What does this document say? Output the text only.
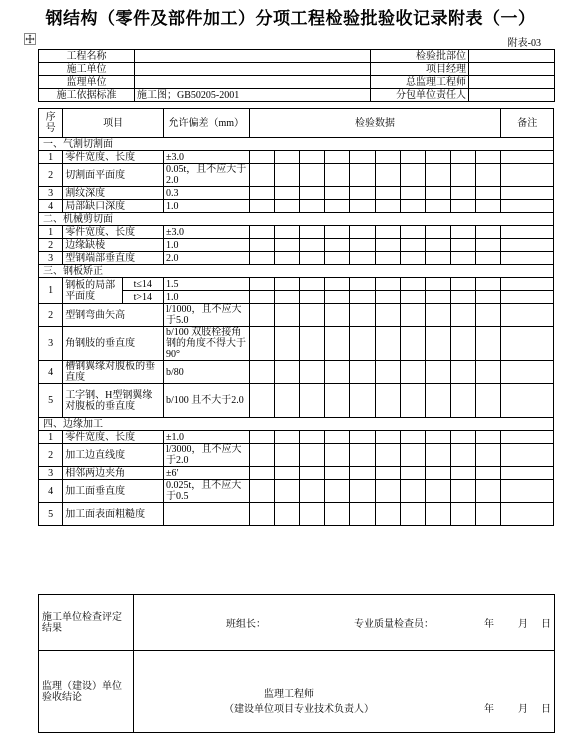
钢结构（零件及部件加工）分项工程检验批验收记录附表（一）
附表-03
工程名称		检验批部位	
施工单位		项目经理	
监理单位		总监理工程师	
施工依据标准	施工图；GB50205-2001	分包单位责任人	
序号	项目		允许偏差（mm）	检验数据										备注
一、气割切割面														
1	零件宽度、长度		±3.0											
2	切割面平面度		0.05t，且不应大于2.0											
3	割纹深度		0.3											
4	局部缺口深度		1.0											
二、机械剪切面														
1	零件宽度、长度		±3.0											
2	边缘缺棱		1.0											
3	型钢端部垂直度		2.0											
三、钢板矫正														
1	钢板的局部平面度	t≤14	1.5											
		t>14	1.0											
2	型钢弯曲矢高		l/1000，且不应大于5.0											
3	角钢肢的垂直度		b/100 双肢栓接角钢的角度不得大于90°											
4	槽钢翼缘对腹板的垂直度		b/80											
5	工字钢、H型钢翼缘对腹板的垂直度		b/100 且不大于2.0											
四、边缘加工														
1	零件宽度、长度		±1.0											
2	加工边直线度		l/3000，且不应大于2.0											
3	相邻两边夹角		±6′											
4	加工面垂直度		0.025t，且不应大于0.5											
5	加工面表面粗糙度													
施工单位检查评定结果	班组长： 专业质量检查员： 年 月 日

监理（建设）单位验收结论	监理工程师
（建设单位项目专业技术负责人） 年 月 日
